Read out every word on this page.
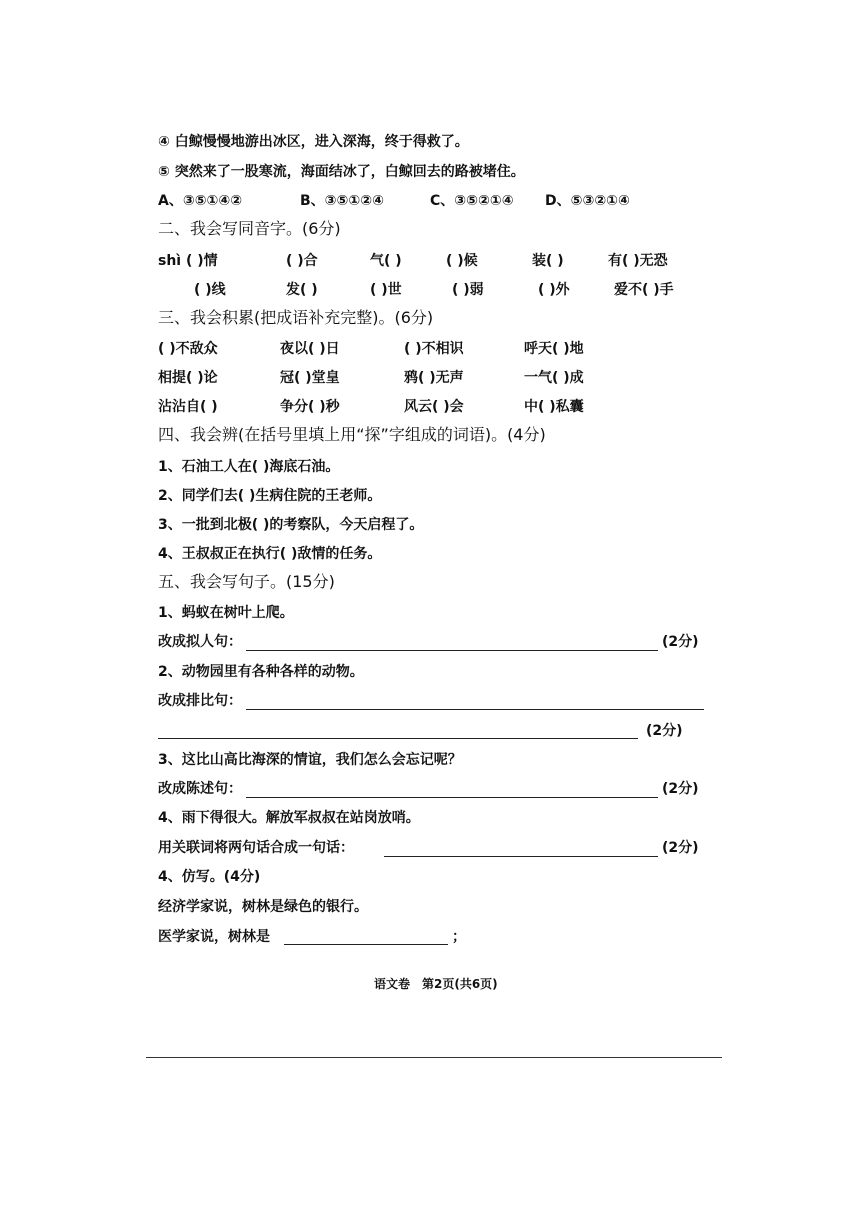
④ 白鲸慢慢地游出冰区，进入深海，终于得救了。
⑤ 突然来了一股寒流，海面结冰了，白鲸回去的路被堵住。
A、③⑤①④②	B、③⑤①②④	C、③⑤②①④ D、⑤③②①④
二、我会写同音字。(6分)
shì ( )情	( )合	气( )	( )候	装( )	有( )无恐
( )线	发( )	( )世	( )弱	( )外	爱不( )手
三、我会积累(把成语补充完整)。(6分)
( )不敌众	夜以( )日	( )不相识	呼天( )地
相提( )论	冠( )堂皇	鸦( )无声	一气( )成
沾沾自( )	争分( )秒	风云( )会	中( )私囊
四、我会辨(在括号里填上用“探”字组成的词语)。(4分)
1、石油工人在( )海底石油。
2、同学们去( )生病住院的王老师。
3、一批到北极( )的考察队，今天启程了。
4、王叔叔正在执行( )敌情的任务。
五、我会写句子。(15分)
1、蚂蚁在树叶上爬。
改成拟人句：	(2分)
2、动物园里有各种各样的动物。
改成排比句：
(2分)
3、这比山高比海深的情谊，我们怎么会忘记呢？
改成陈述句：	(2分)
4、雨下得很大。解放军叔叔在站岗放哨。
用关联词将两句话合成一句话：	(2分)
4、仿写。(4分)
经济学家说，树林是绿色的银行。
医学家说，树林是	；
语文卷　第2页(共6页)
